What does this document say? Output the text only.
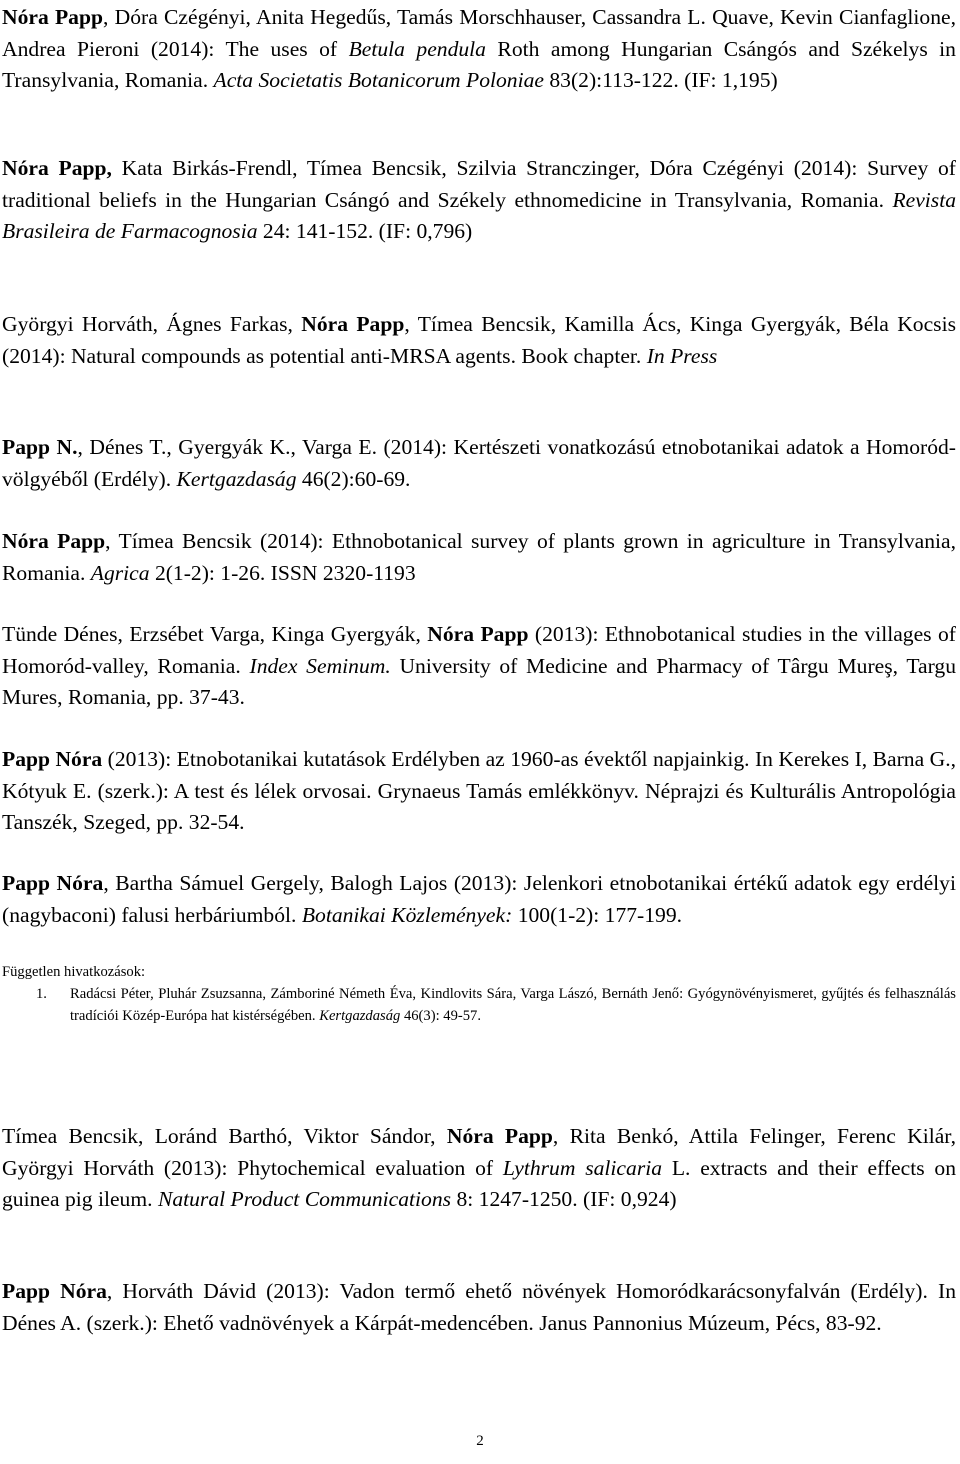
Nóra Papp, Dóra Czégényi, Anita Hegedűs, Tamás Morschhauser, Cassandra L. Quave, Kevin Cianfaglione, Andrea Pieroni (2014): The uses of Betula pendula Roth among Hungarian Csángós and Székelys in Transylvania, Romania. Acta Societatis Botanicorum Poloniae 83(2):113-122. (IF: 1,195)
Nóra Papp, Kata Birkás-Frendl, Tímea Bencsik, Szilvia Stranczinger, Dóra Czégényi (2014): Survey of traditional beliefs in the Hungarian Csángó and Székely ethnomedicine in Transylvania, Romania. Revista Brasileira de Farmacognosia 24: 141-152. (IF: 0,796)
Györgyi Horváth, Ágnes Farkas, Nóra Papp, Tímea Bencsik, Kamilla Ács, Kinga Gyergyák, Béla Kocsis (2014): Natural compounds as potential anti-MRSA agents. Book chapter. In Press
Papp N., Dénes T., Gyergyák K., Varga E. (2014): Kertészeti vonatkozású etnobotanikai adatok a Homoród-völgyéből (Erdély). Kertgazdaság 46(2):60-69.
Nóra Papp, Tímea Bencsik (2014): Ethnobotanical survey of plants grown in agriculture in Transylvania, Romania. Agrica 2(1-2): 1-26. ISSN 2320-1193
Tünde Dénes, Erzsébet Varga, Kinga Gyergyák, Nóra Papp (2013): Ethnobotanical studies in the villages of Homoród-valley, Romania. Index Seminum. University of Medicine and Pharmacy of Târgu Mureş, Targu Mures, Romania, pp. 37-43.
Papp Nóra (2013): Etnobotanikai kutatások Erdélyben az 1960-as évektől napjainkig. In Kerekes I, Barna G., Kótyuk E. (szerk.): A test és lélek orvosai. Grynaeus Tamás emlékkönyv. Néprajzi és Kulturális Antropológia Tanszék, Szeged, pp. 32-54.
Papp Nóra, Bartha Sámuel Gergely, Balogh Lajos (2013): Jelenkori etnobotanikai értékű adatok egy erdélyi (nagybaconi) falusi herbáriumból. Botanikai Közlemények: 100(1-2): 177-199.
Független hivatkozások:
1. Radácsi Péter, Pluhár Zsuzsanna, Zámboriné Németh Éva, Kindlovits Sára, Varga Lászó, Bernáth Jenő: Gyógynövényismeret, gyűjtés és felhasználás tradíciói Közép-Európa hat kistérségében. Kertgazdaság 46(3): 49-57.
Tímea Bencsik, Loránd Barthó, Viktor Sándor, Nóra Papp, Rita Benkó, Attila Felinger, Ferenc Kilár, Györgyi Horváth (2013): Phytochemical evaluation of Lythrum salicaria L. extracts and their effects on guinea pig ileum. Natural Product Communications 8: 1247-1250. (IF: 0,924)
Papp Nóra, Horváth Dávid (2013): Vadon termő ehető növények Homoródkarácsonyfalván (Erdély). In Dénes A. (szerk.): Ehető vadnövények a Kárpát-medencében. Janus Pannonius Múzeum, Pécs, 83-92.
2
